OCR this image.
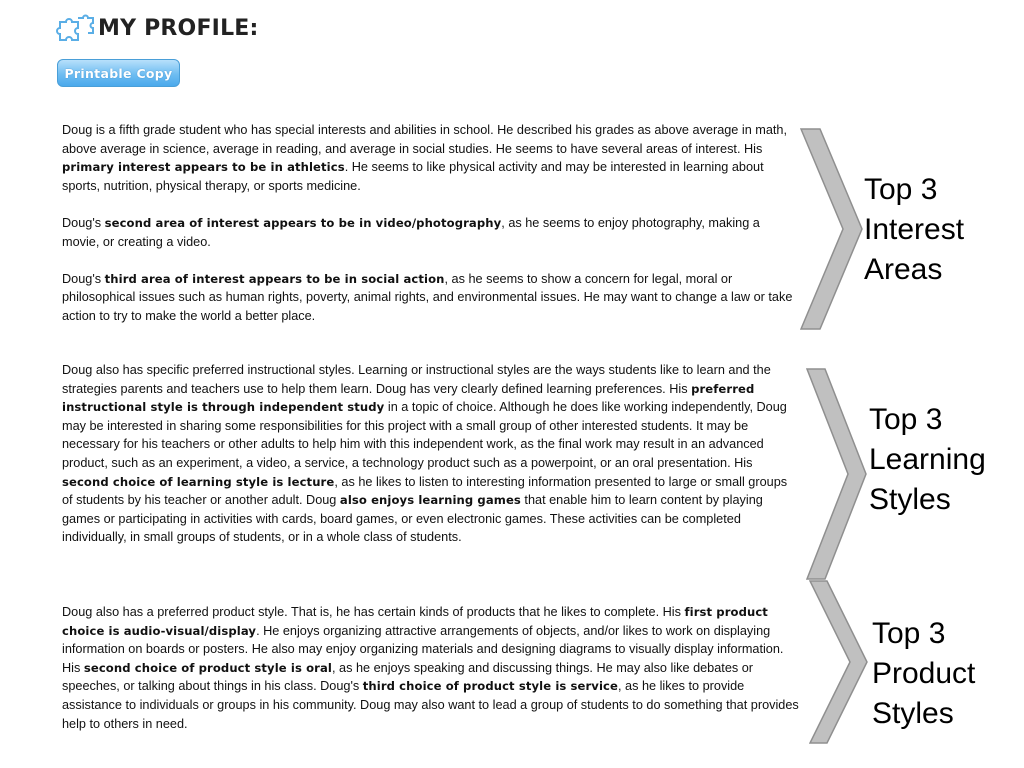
MY PROFILE:
Printable Copy

Doug is a fifth grade student who has special interests and abilities in school. He described his grades as above average in math, above average in science, average in reading, and average in social studies. He seems to have several areas of interest. His primary interest appears to be in athletics. He seems to like physical activity and may be interested in learning about sports, nutrition, physical therapy, or sports medicine.

Doug's second area of interest appears to be in video/photography, as he seems to enjoy photography, making a movie, or creating a video.

Doug's third area of interest appears to be in social action, as he seems to show a concern for legal, moral or philosophical issues such as human rights, poverty, animal rights, and environmental issues. He may want to change a law or take action to try to make the world a better place.

Top 3
Interest
Areas

Doug also has specific preferred instructional styles. Learning or instructional styles are the ways students like to learn and the strategies parents and teachers use to help them learn. Doug has very clearly defined learning preferences. His preferred instructional style is through independent study in a topic of choice. Although he does like working independently, Doug may be interested in sharing some responsibilities for this project with a small group of other interested students. It may be necessary for his teachers or other adults to help him with this independent work, as the final work may result in an advanced product, such as an experiment, a video, a service, a technology product such as a powerpoint, or an oral presentation. His second choice of learning style is lecture, as he likes to listen to interesting information presented to large or small groups of students by his teacher or another adult. Doug also enjoys learning games that enable him to learn content by playing games or participating in activities with cards, board games, or even electronic games. These activities can be completed individually, in small groups of students, or in a whole class of students.

Top 3
Learning
Styles

Doug also has a preferred product style. That is, he has certain kinds of products that he likes to complete. His first product choice is audio-visual/display. He enjoys organizing attractive arrangements of objects, and/or likes to work on displaying information on boards or posters. He also may enjoy organizing materials and designing diagrams to visually display information. His second choice of product style is oral, as he enjoys speaking and discussing things. He may also like debates or speeches, or talking about things in his class. Doug's third choice of product style is service, as he likes to provide assistance to individuals or groups in his community. Doug may also want to lead a group of students to do something that provides help to others in need.

Top 3
Product
Styles
